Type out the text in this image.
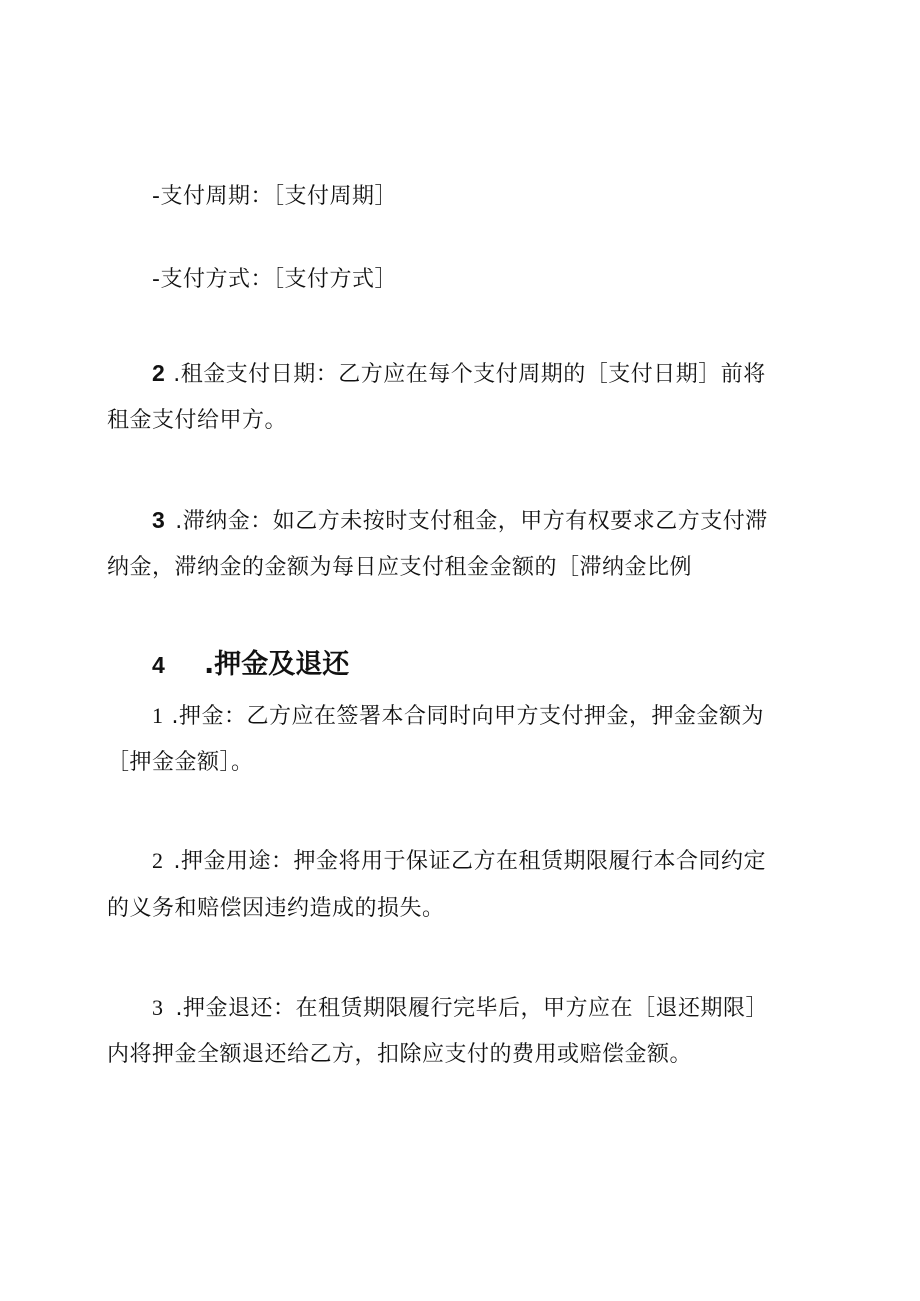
-支付周期：［支付周期］
-支付方式：［支付方式］
2 .租金支付日期：乙方应在每个支付周期的［支付日期］前将
租金支付给甲方。
3 .滞纳金：如乙方未按时支付租金，甲方有权要求乙方支付滞
纳金，滞纳金的金额为每日应支付租金金额的［滞纳金比例
4 .押金及退还
1 .押金：乙方应在签署本合同时向甲方支付押金，押金金额为
［押金金额］。
2 .押金用途：押金将用于保证乙方在租赁期限履行本合同约定
的义务和赔偿因违约造成的损失。
3 .押金退还：在租赁期限履行完毕后，甲方应在［退还期限］
内将押金全额退还给乙方，扣除应支付的费用或赔偿金额。
